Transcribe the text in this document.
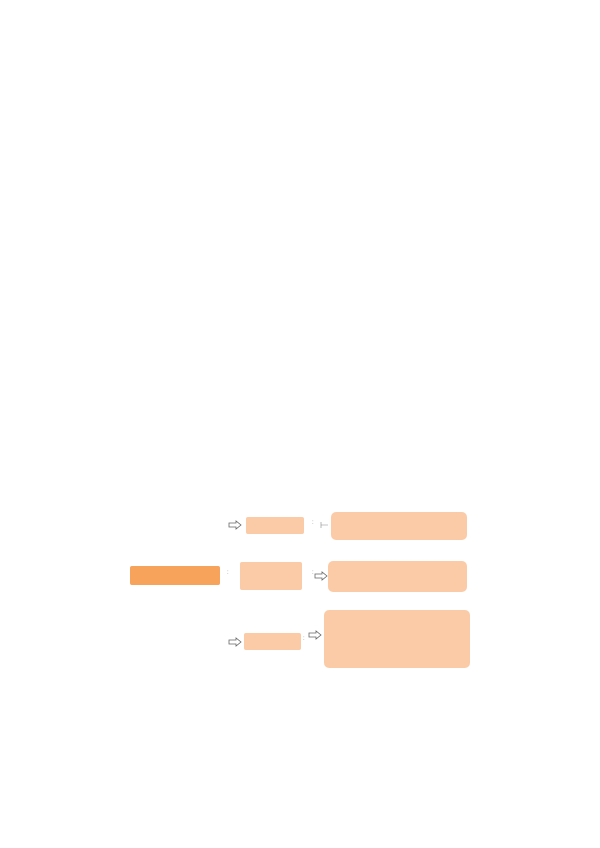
:
:
:
:
